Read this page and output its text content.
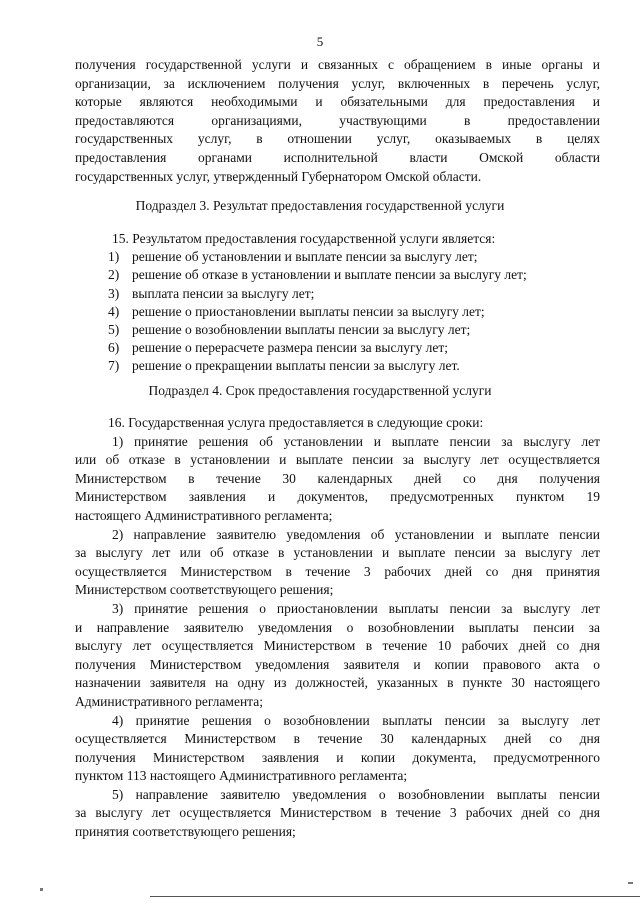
5
получения государственной услуги и связанных с обращением в иные органы и
организации, за исключением получения услуг, включенных в перечень услуг,
которые являются необходимыми и обязательными для предоставления и
предоставляются организациями, участвующими в предоставлении
государственных услуг, в отношении услуг, оказываемых в целях
предоставления органами исполнительной власти Омской области
государственных услуг, утвержденный Губернатором Омской области.
Подраздел 3. Результат предоставления государственной услуги
15. Результатом предоставления государственной услуги является:
1) решение об установлении и выплате пенсии за выслугу лет;
2) решение об отказе в установлении и выплате пенсии за выслугу лет;
3) выплата пенсии за выслугу лет;
4) решение о приостановлении выплаты пенсии за выслугу лет;
5) решение о возобновлении выплаты пенсии за выслугу лет;
6) решение о перерасчете размера пенсии за выслугу лет;
7) решение о прекращении выплаты пенсии за выслугу лет.
Подраздел 4. Срок предоставления государственной услуги
16. Государственная услуга предоставляется в следующие сроки:
1) принятие решения об установлении и выплате пенсии за выслугу лет
или об отказе в установлении и выплате пенсии за выслугу лет осуществляется
Министерством в течение 30 календарных дней со дня получения
Министерством заявления и документов, предусмотренных пунктом 19
настоящего Административного регламента;
2) направление заявителю уведомления об установлении и выплате пенсии
за выслугу лет или об отказе в установлении и выплате пенсии за выслугу лет
осуществляется Министерством в течение 3 рабочих дней со дня принятия
Министерством соответствующего решения;
3) принятие решения о приостановлении выплаты пенсии за выслугу лет
и направление заявителю уведомления о возобновлении выплаты пенсии за
выслугу лет осуществляется Министерством в течение 10 рабочих дней со дня
получения Министерством уведомления заявителя и копии правового акта о
назначении заявителя на одну из должностей, указанных в пункте 30 настоящего
Административного регламента;
4) принятие решения о возобновлении выплаты пенсии за выслугу лет
осуществляется Министерством в течение 30 календарных дней со дня
получения Министерством заявления и копии документа, предусмотренного
пунктом 113 настоящего Административного регламента;
5) направление заявителю уведомления о возобновлении выплаты пенсии
за выслугу лет осуществляется Министерством в течение 3 рабочих дней со дня
принятия соответствующего решения;
